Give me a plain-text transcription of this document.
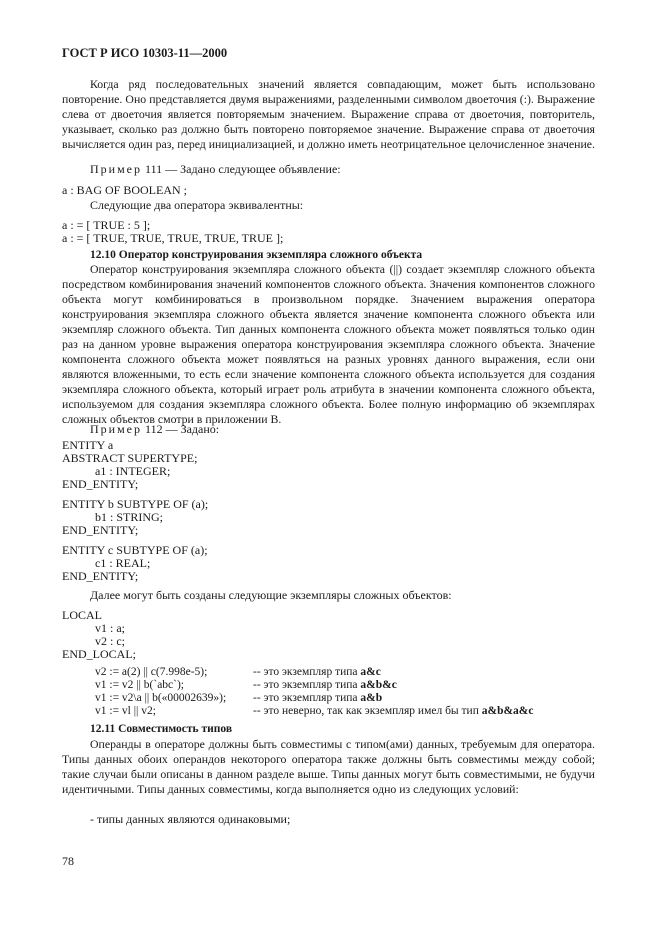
ГОСТ Р ИСО 10303-11—2000
Когда ряд последовательных значений является совпадающим, может быть использовано повторение. Оно представляется двумя выражениями, разделенными символом двоеточия (:). Выражение слева от двоеточия является повторяемым значением. Выражение справа от двоеточия, повторитель, указывает, сколько раз должно быть повторено повторяемое значение. Выражение справа от двоеточия вычисляется один раз, перед инициализацией, и должно иметь неотрицательное целочисленное значение.
Пример 111 — Задано следующее объявление:
a : BAG OF BOOLEAN ;
Следующие два оператора эквивалентны:
a : = [ TRUE : 5 ];
a : = [ TRUE, TRUE, TRUE, TRUE, TRUE ];
12.10 Оператор конструирования экземпляра сложного объекта
Оператор конструирования экземпляра сложного объекта (||) создает экземпляр сложного объекта посредством комбинирования значений компонентов сложного объекта. Значения компонентов сложного объекта могут комбинироваться в произвольном порядке. Значением выражения оператора конструирования экземпляра сложного объекта является значение компонента сложного объекта или экземпляр сложного объекта. Тип данных компонента сложного объекта может появляться только один раз на данном уровне выражения оператора конструирования экземпляра сложного объекта. Значение компонента сложного объекта может появляться на разных уровнях данного выражения, если они являются вложенными, то есть если значение компонента сложного объекта используется для создания экземпляра сложного объекта, который играет роль атрибута в значении компонента сложного объекта, используемом для создания экземпляра сложного объекта. Более полную информацию об экземплярах сложных объектов смотри в приложении В.
Пример 112 — Задано:
ENTITY a
ABSTRACT SUPERTYPE;
a1 : INTEGER;
END_ENTITY;
ENTITY b SUBTYPE OF (a);
b1 : STRING;
END_ENTITY;
ENTITY c SUBTYPE OF (a);
c1 : REAL;
END_ENTITY;
Далее могут быть созданы следующие экземпляры сложных объектов:
LOCAL
v1 : a;
v2 : c;
END_LOCAL;
v2 := a(2) || c(7.998e-5);	-- это экземпляр типа a&c
v1 := v2 || b(`abc`);	-- это экземпляр типа a&b&c
v1 := v2\a || b(«00002639»); -- это экземпляр типа a&b
v1 := vl || v2;	-- это неверно, так как экземпляр имел бы тип a&b&a&c
12.11 Совместимость типов
Операнды в операторе должны быть совместимы с типом(ами) данных, требуемым для оператора. Типы данных обоих операндов некоторого оператора также должны быть совместимы между собой; такие случаи были описаны в данном разделе выше. Типы данных могут быть совместимыми, не будучи идентичными. Типы данных совместимы, когда выполняется одно из следующих условий:
- типы данных являются одинаковыми;
78
